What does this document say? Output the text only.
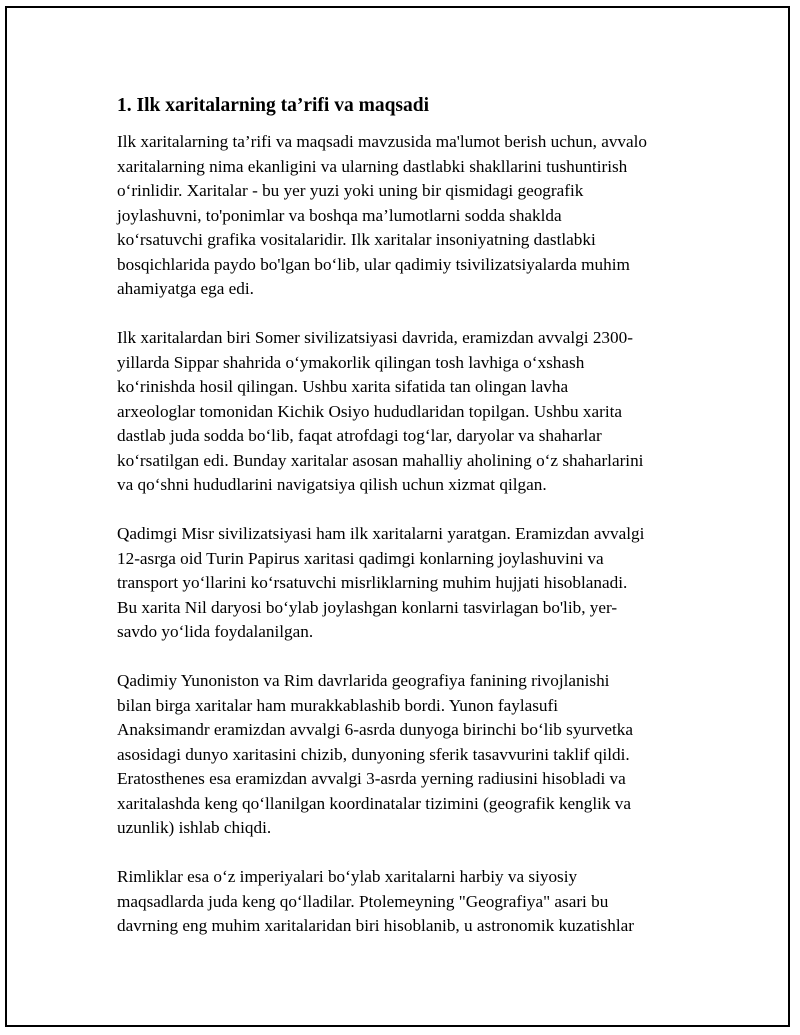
1. Ilk xaritalarning ta’rifi va maqsadi
Ilk xaritalarning ta’rifi va maqsadi mavzusida ma'lumot berish uchun, avvalo
xaritalarning nima ekanligini va ularning dastlabki shakllarini tushuntirish
o‘rinlidir. Xaritalar - bu yer yuzi yoki uning bir qismidagi geografik
joylashuvni, to'ponimlar va boshqa ma’lumotlarni sodda shaklda
ko‘rsatuvchi grafika vositalaridir. Ilk xaritalar insoniyatning dastlabki
bosqichlarida paydo bo'lgan bo‘lib, ular qadimiy tsivilizatsiyalarda muhim
ahamiyatga ega edi.
Ilk xaritalardan biri Somer sivilizatsiyasi davrida, eramizdan avvalgi 2300-
yillarda Sippar shahrida o‘ymakorlik qilingan tosh lavhiga o‘xshash
ko‘rinishda hosil qilingan. Ushbu xarita sifatida tan olingan lavha
arxeologlar tomonidan Kichik Osiyo hududlaridan topilgan. Ushbu xarita
dastlab juda sodda bo‘lib, faqat atrofdagi tog‘lar, daryolar va shaharlar
ko‘rsatilgan edi. Bunday xaritalar asosan mahalliy aholining o‘z shaharlarini
va qo‘shni hududlarini navigatsiya qilish uchun xizmat qilgan.
Qadimgi Misr sivilizatsiyasi ham ilk xaritalarni yaratgan. Eramizdan avvalgi
12-asrga oid Turin Papirus xaritasi qadimgi konlarning joylashuvini va
transport yo‘llarini ko‘rsatuvchi misrliklarning muhim hujjati hisoblanadi.
Bu xarita Nil daryosi bo‘ylab joylashgan konlarni tasvirlagan bo'lib, yer-
savdo yo‘lida foydalanilgan.
Qadimiy Yunoniston va Rim davrlarida geografiya fanining rivojlanishi
bilan birga xaritalar ham murakkablashib bordi. Yunon faylasufi
Anaksimandr eramizdan avvalgi 6-asrda dunyoga birinchi bo‘lib syurvetka
asosidagi dunyo xaritasini chizib, dunyoning sferik tasavvurini taklif qildi.
Eratosthenes esa eramizdan avvalgi 3-asrda yerning radiusini hisobladi va
xaritalashda keng qo‘llanilgan koordinatalar tizimini (geografik kenglik va
uzunlik) ishlab chiqdi.
Rimliklar esa o‘z imperiyalari bo‘ylab xaritalarni harbiy va siyosiy
maqsadlarda juda keng qo‘lladilar. Ptolemeyning "Geografiya" asari bu
davrning eng muhim xaritalaridan biri hisoblanib, u astronomik kuzatishlar
